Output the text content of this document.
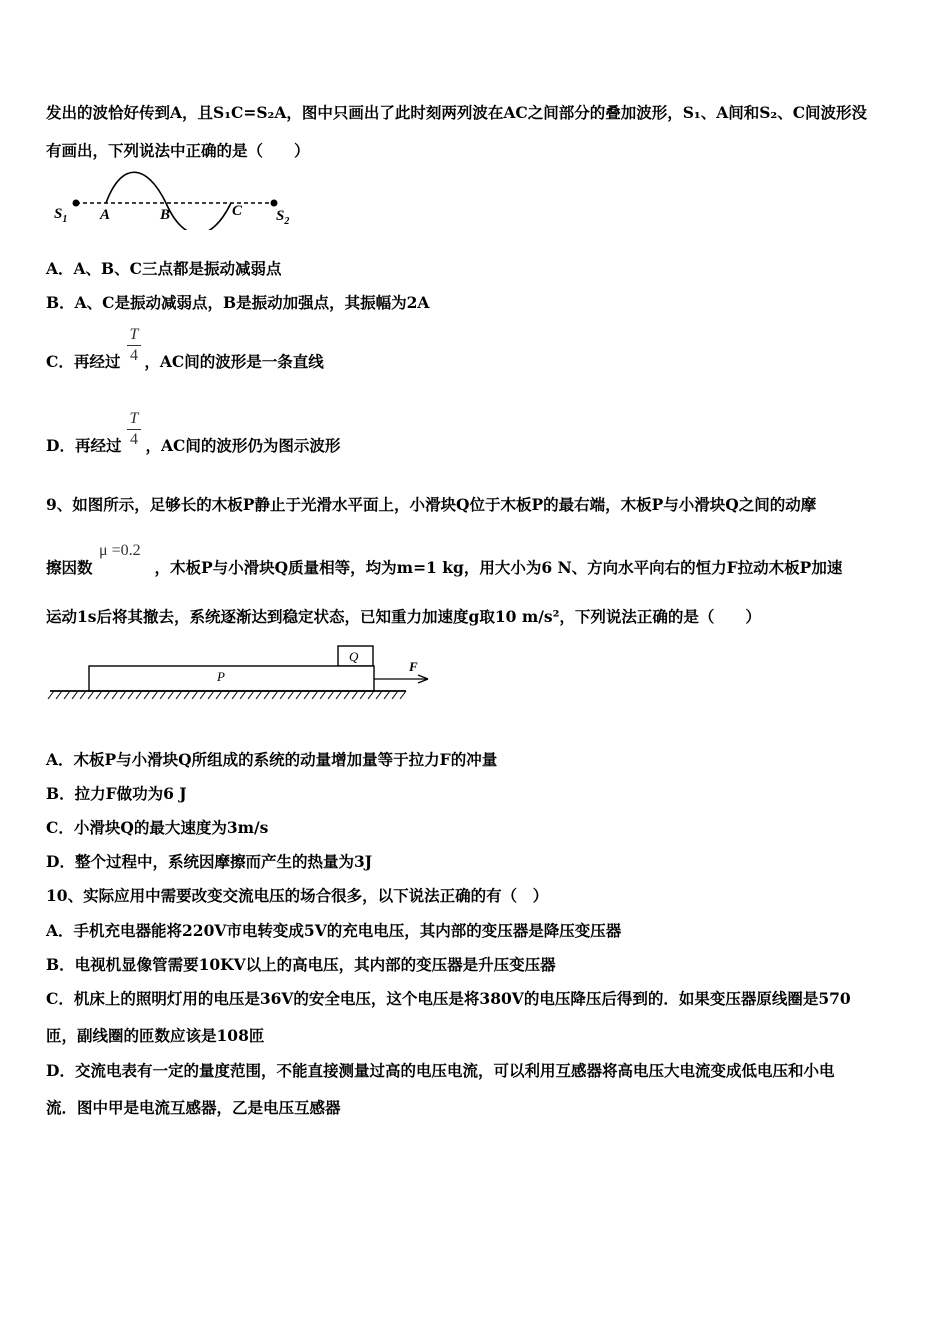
发出的波恰好传到A，且S₁C=S₂A，图中只画出了此时刻两列波在AC之间部分的叠加波形，S₁、A间和S₂、C间波形没
有画出，下列说法中正确的是（　　）
$S_1$ A	B	C $S_2$
A．A、B、C三点都是振动减弱点
B．A、C是振动减弱点，B是振动加强点，其振幅为2A
C．再经过 ，AC间的波形是一条直线
T
4
D．再经过 ，AC间的波形仍为图示波形
T
4
9、如图所示，足够长的木板P静止于光滑水平面上，小滑块Q位于木板P的最右端，木板P与小滑块Q之间的动摩
擦因数	，木板P与小滑块Q质量相等，均为m=1 kg，用大小为6 N、方向水平向右的恒力F拉动木板P加速
μ =0.2
运动1s后将其撤去，系统逐渐达到稳定状态，已知重力加速度g取10 m/s²，下列说法正确的是（　　）
Q
P
F
A．木板P与小滑块Q所组成的系统的动量增加量等于拉力F的冲量
B．拉力F做功为6 J
C．小滑块Q的最大速度为3m/s
D．整个过程中，系统因摩擦而产生的热量为3J
10、实际应用中需要改变交流电压的场合很多，以下说法正确的有（　）
A．手机充电器能将220V市电转变成5V的充电电压，其内部的变压器是降压变压器
B．电视机显像管需要10KV以上的高电压，其内部的变压器是升压变压器
C．机床上的照明灯用的电压是36V的安全电压，这个电压是将380V的电压降压后得到的．如果变压器原线圈是570
匝，副线圈的匝数应该是108匝
D．交流电表有一定的量度范围，不能直接测量过高的电压电流，可以利用互感器将高电压大电流变成低电压和小电
流．图中甲是电流互感器，乙是电压互感器
